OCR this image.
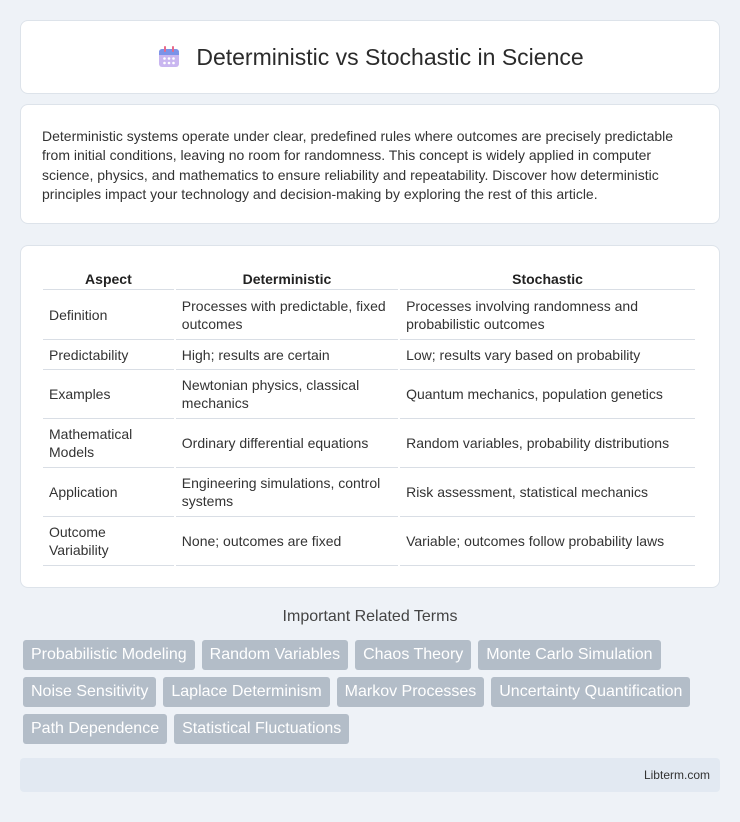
Deterministic vs Stochastic in Science

Deterministic systems operate under clear, predefined rules where outcomes are precisely predictable from initial conditions, leaving no room for randomness. This concept is widely applied in computer science, physics, and mathematics to ensure reliability and repeatability. Discover how deterministic principles impact your technology and decision-making by exploring the rest of this article.

Aspect	Deterministic	Stochastic
Definition	Processes with predictable, fixed outcomes	Processes involving randomness and probabilistic outcomes
Predictability	High; results are certain	Low; results vary based on probability
Examples	Newtonian physics, classical mechanics	Quantum mechanics, population genetics
Mathematical Models	Ordinary differential equations	Random variables, probability distributions
Application	Engineering simulations, control systems	Risk assessment, statistical mechanics
Outcome Variability	None; outcomes are fixed	Variable; outcomes follow probability laws
Important Related Terms
Probabilistic Modeling	Random Variables	Chaos Theory	Monte Carlo Simulation
Noise Sensitivity	Laplace Determinism	Markov Processes	Uncertainty Quantification
Path Dependence	Statistical Fluctuations
Libterm.com
